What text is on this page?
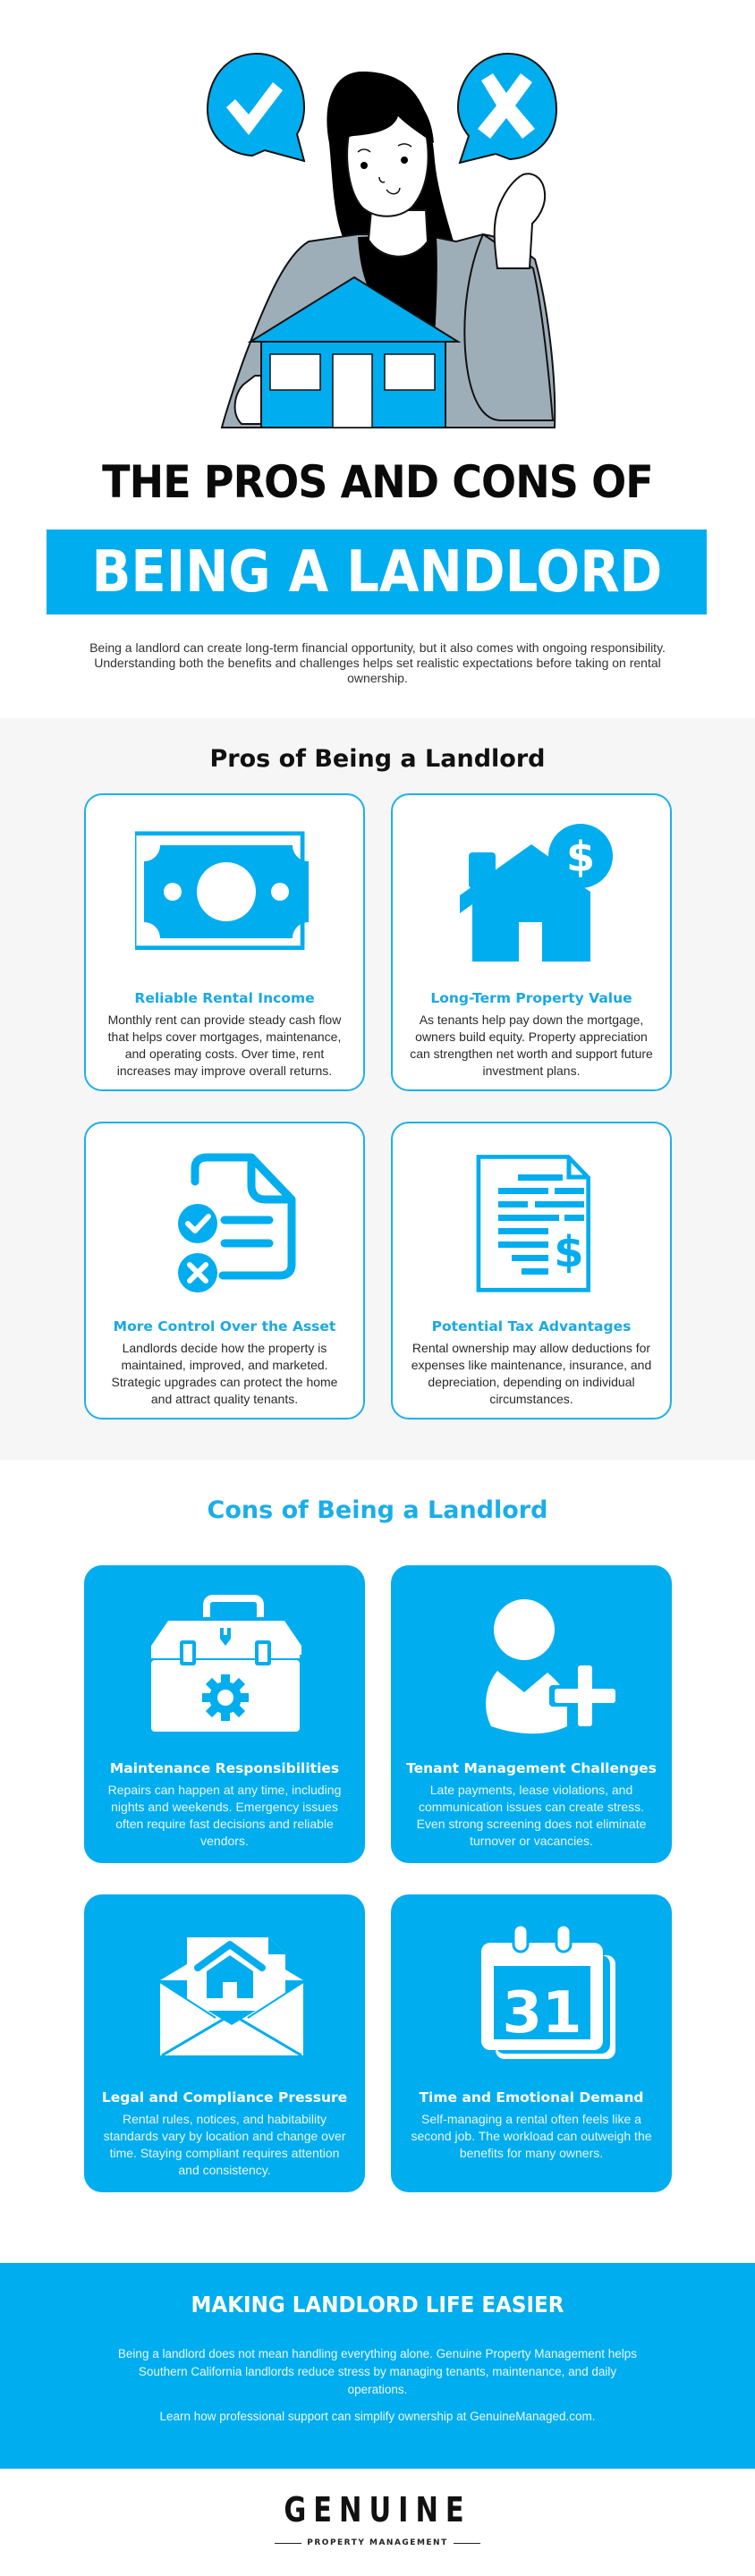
THE PROS AND CONS OF
BEING A LANDLORD

Being a landlord can create long-term financial opportunity, but it also comes with ongoing responsibility. Understanding both the benefits and challenges helps set realistic expectations before taking on rental ownership.

Pros of Being a Landlord
Reliable Rental Income
Monthly rent can provide steady cash flow that helps cover mortgages, maintenance, and operating costs. Over time, rent increases may improve overall returns.
$
Long-Term Property Value
As tenants help pay down the mortgage, owners build equity. Property appreciation can strengthen net worth and support future investment plans.
More Control Over the Asset
Landlords decide how the property is maintained, improved, and marketed. Strategic upgrades can protect the home and attract quality tenants.
$
Potential Tax Advantages
Rental ownership may allow deductions for expenses like maintenance, insurance, and depreciation, depending on individual circumstances.
Cons of Being a Landlord
Maintenance Responsibilities
Repairs can happen at any time, including nights and weekends. Emergency issues often require fast decisions and reliable vendors.
Tenant Management Challenges
Late payments, lease violations, and communication issues can create stress. Even strong screening does not eliminate turnover or vacancies.
Legal and Compliance Pressure
Rental rules, notices, and habitability standards vary by location and change over time. Staying compliant requires attention and consistency.
31
Time and Emotional Demand
Self-managing a rental often feels like a second job. The workload can outweigh the benefits for many owners.
MAKING LANDLORD LIFE EASIER

Being a landlord does not mean handling everything alone. Genuine Property Management helps Southern California landlords reduce stress by managing tenants, maintenance, and daily operations.

Learn how professional support can simplify ownership at GenuineManaged.com.

GENUINE
PROPERTY MANAGEMENT
